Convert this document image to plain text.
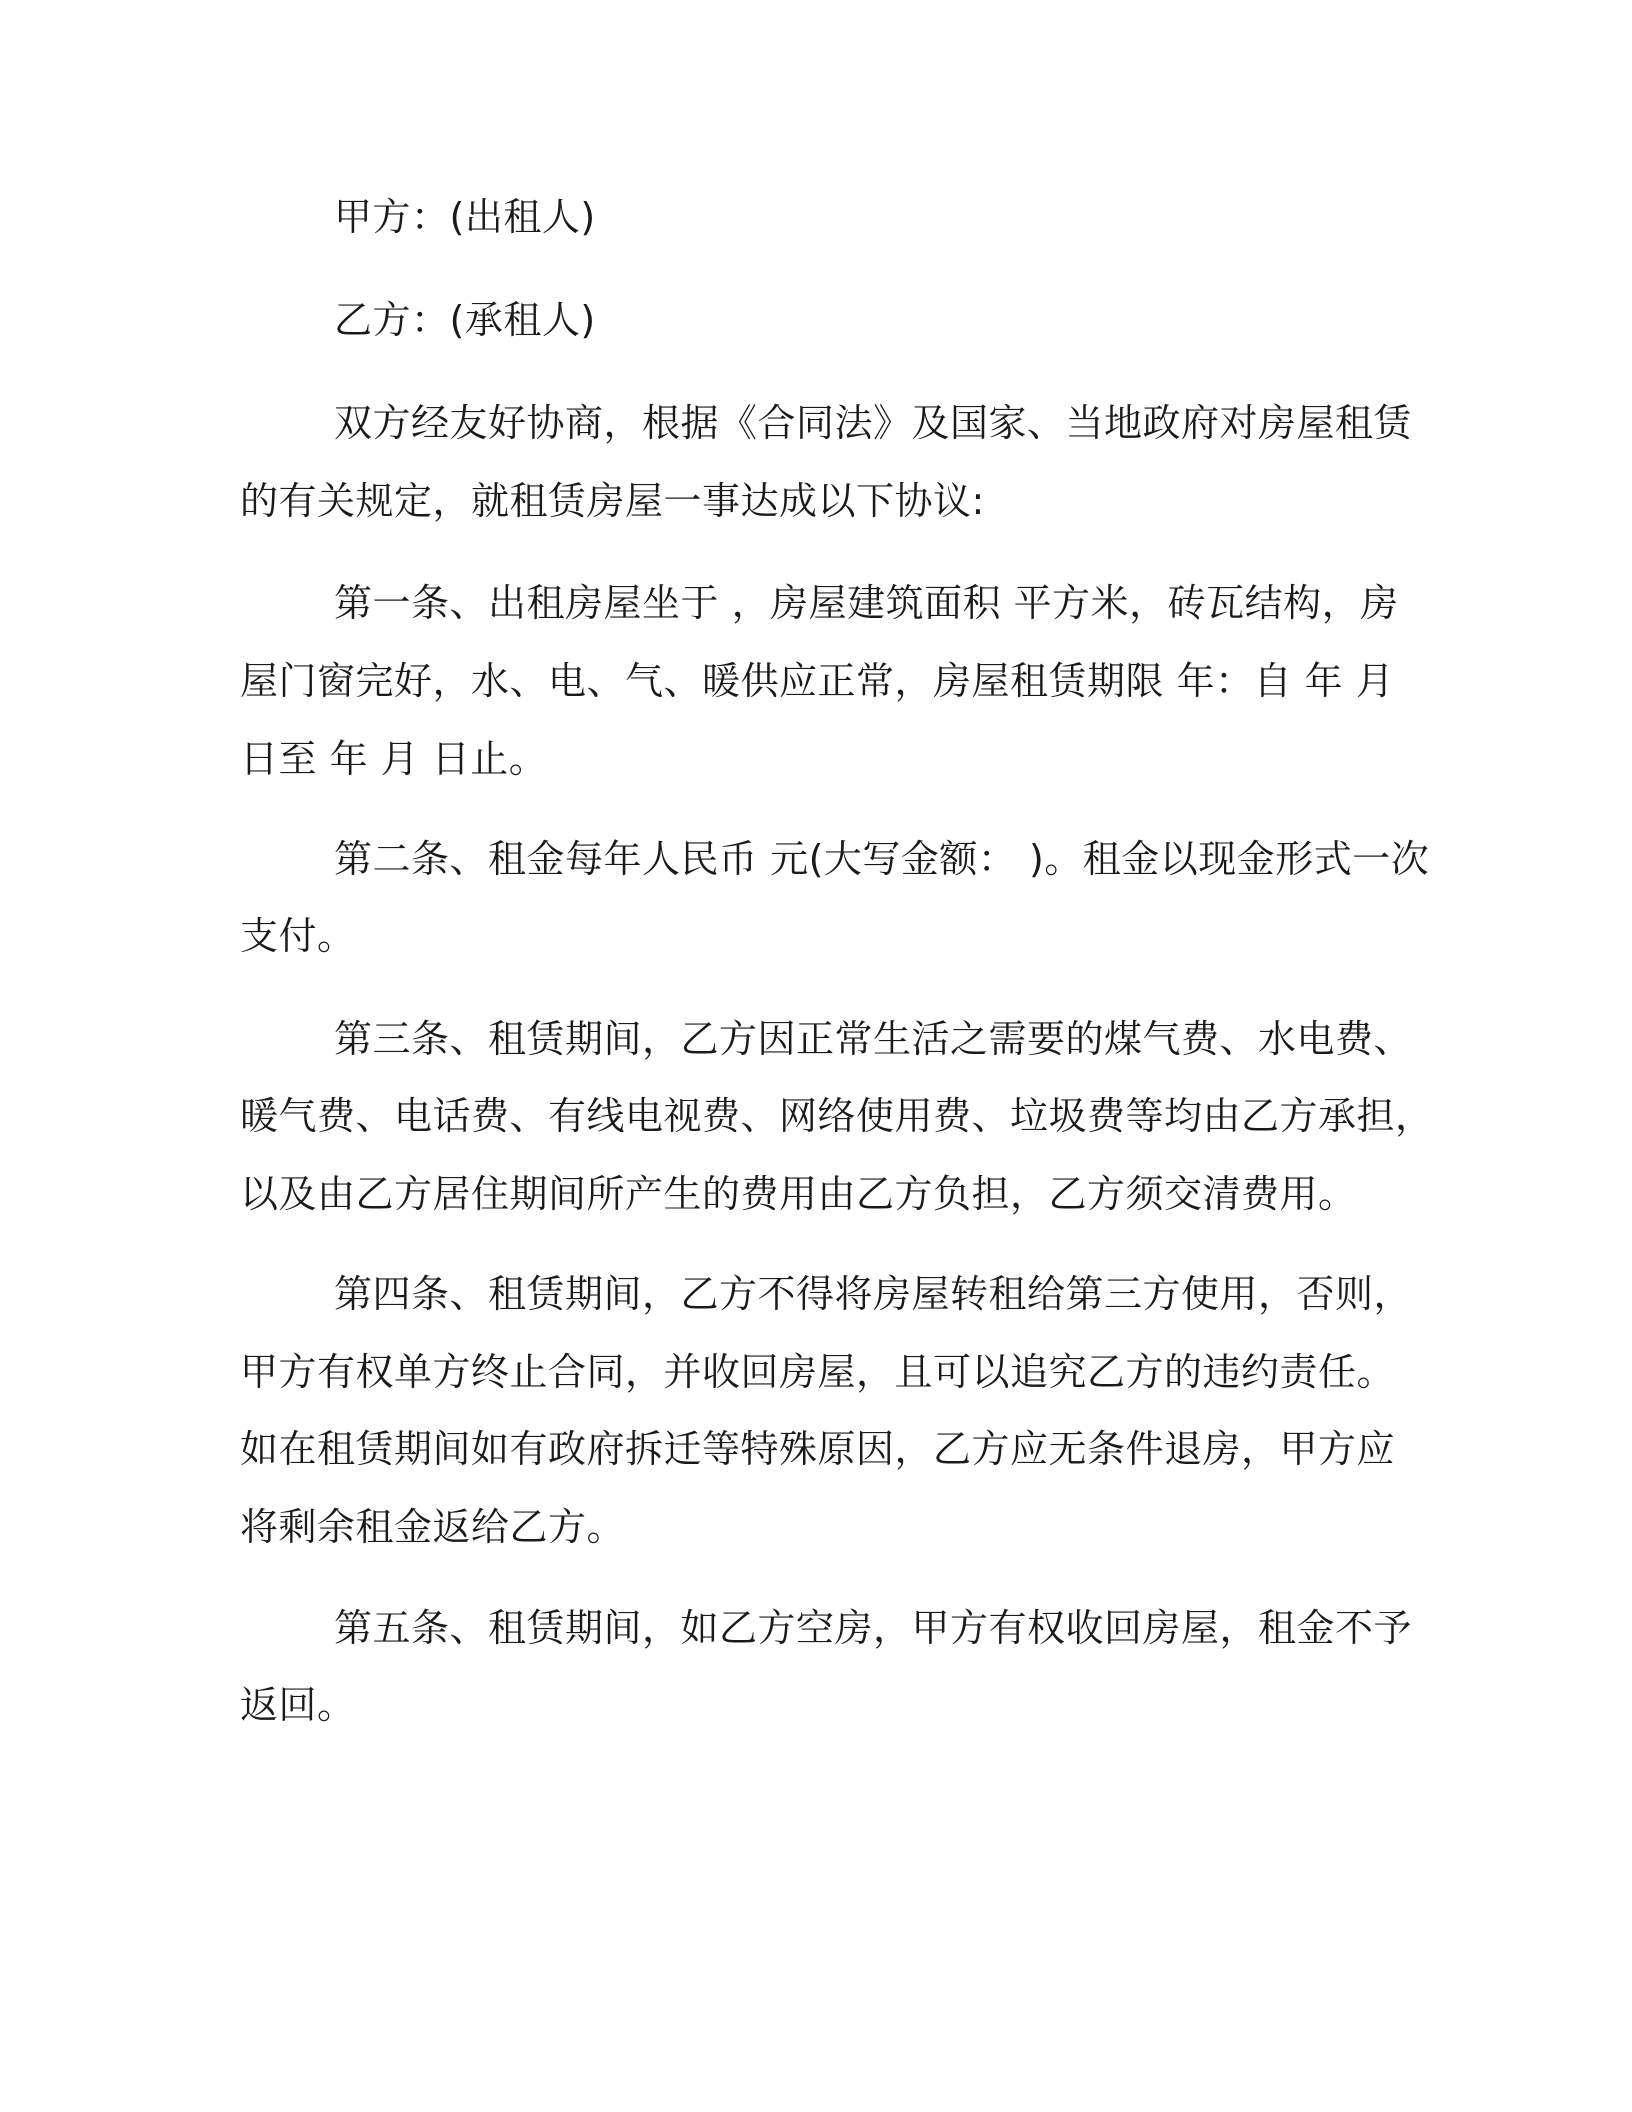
甲方：(出租人)
乙方：(承租人)
双方经友好协商，根据《合同法》及国家、当地政府对房屋租赁
的有关规定，就租赁房屋一事达成以下协议:
第一条、出租房屋坐于 ，房屋建筑面积 平方米，砖瓦结构，房
屋门窗完好，水、电、气、暖供应正常，房屋租赁期限 年：自 年 月
日至 年 月 日止。
第二条、租金每年人民币 元(大写金额： )。租金以现金形式一次
支付。
第三条、租赁期间，乙方因正常生活之需要的煤气费、水电费、
暖气费、电话费、有线电视费、网络使用费、垃圾费等均由乙方承担，
以及由乙方居住期间所产生的费用由乙方负担，乙方须交清费用。
第四条、租赁期间，乙方不得将房屋转租给第三方使用，否则，
甲方有权单方终止合同，并收回房屋，且可以追究乙方的违约责任。
如在租赁期间如有政府拆迁等特殊原因，乙方应无条件退房，甲方应
将剩余租金返给乙方。
第五条、租赁期间，如乙方空房，甲方有权收回房屋，租金不予
返回。
